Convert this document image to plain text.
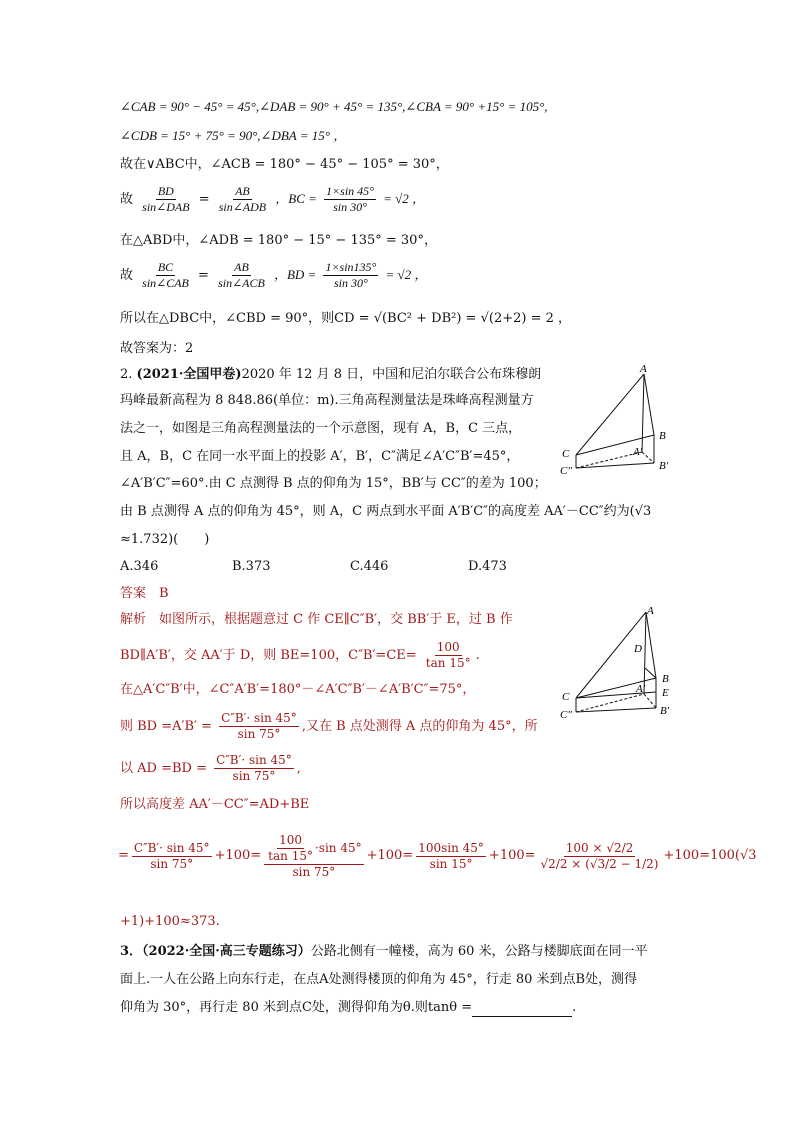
∠CAB = 90° − 45° = 45°,∠DAB = 90° + 45° = 135°,∠CBA = 90° +15° = 105°,
∠CDB = 15° + 75° = 90°,∠DBA = 15° ，
故在∨ABC中，∠ACB = 180° − 45° − 105° = 30°，
故 $\frac{BD}{\text{sin∠DAB}} = \frac{AB}{\text{sin∠ADB}}$ ，BC = $\frac{1\times\sin 45^\circ}{\sin 30^\circ} = √2$ ，
在△ABD中，∠ADB = 180° − 15° − 135° = 30°，
故 $\frac{BC}{\text{sin∠CAB}} = \frac{AB}{\text{sin∠ACB}}$ ，BD = $\frac{1\times\sin 135^\circ}{\sin 30^\circ} = √2$ ，
所以在△DBC中，∠CBD = 90°，则CD = √(BC² + DB²) = √(2+2) = 2 ，
故答案为：2
2. (2021·全国甲卷)2020 年 12 月 8 日，中国和尼泊尔联合公布珠穆朗
玛峰最新高程为 8 848.86(单位：m).三角高程测量法是珠峰高程测量方
法之一，如图是三角高程测量法的一个示意图，现有 A，B，C 三点，
且 A，B，C 在同一水平面上的投影 A′，B′，C″满足∠A′C″B′=45°，
∠A′B′C″=60°.由 C 点测得 B 点的仰角为 15°，BB′与 CC″的差为 100；
由 B 点测得 A 点的仰角为 45°，则 A，C 两点到水平面 A′B′C″的高度差 AA′－CC″约为(√3
≈1.732)(　　)
A.346	B.373	C.446	D.473
答案　B
解析　如图所示，根据题意过 C 作 CE∥C″B′，交 BB′于 E，过 B 作
BD∥A′B′，交 AA′于 D，则 BE=100，$C''B'=CE= \frac{100}{\tan 15^\circ}$ .
在△A′C″B′中，∠C″A′B′=180°－∠A′C″B′－∠A′B′C″=75°，
则 BD $=A'B' = \frac{C''B'\cdot \sin 45^\circ}{\sin 75^\circ}$ ,又在 B 点处测得 A 点的仰角为 45°，所
以 AD $=BD = \frac{C''B'\cdot \sin 45^\circ}{\sin 75^\circ}$ ,
所以高度差 AA′－CC″=AD+BE
= $\frac{C''B'\cdot \sin 45^\circ}{\sin 75^\circ} +100= \frac{\frac{100}{\tan 15^\circ} \cdot\sin 45^\circ}{\sin 75^\circ} +100= \frac{100\sin 45^\circ}{\sin 15^\circ} +100= \frac{100 \times √2/2}{√2/2 \times (√3/2 - 1/2)} +100=100(√3$
+1)+100≈373.
3．（2022·全国·高三专题练习）公路北侧有一幢楼，高为 60 米，公路与楼脚底面在同一平
面上.一人在公路上向东行走，在点A处测得楼顶的仰角为 45°，行走 80 米到点B处，测得
仰角为 30°，再行走 80 米到点C处，测得仰角为θ.则tanθ =	.
A
B
C	A′
B′
C″
A
D
B
E
C
A′
B′
C″
